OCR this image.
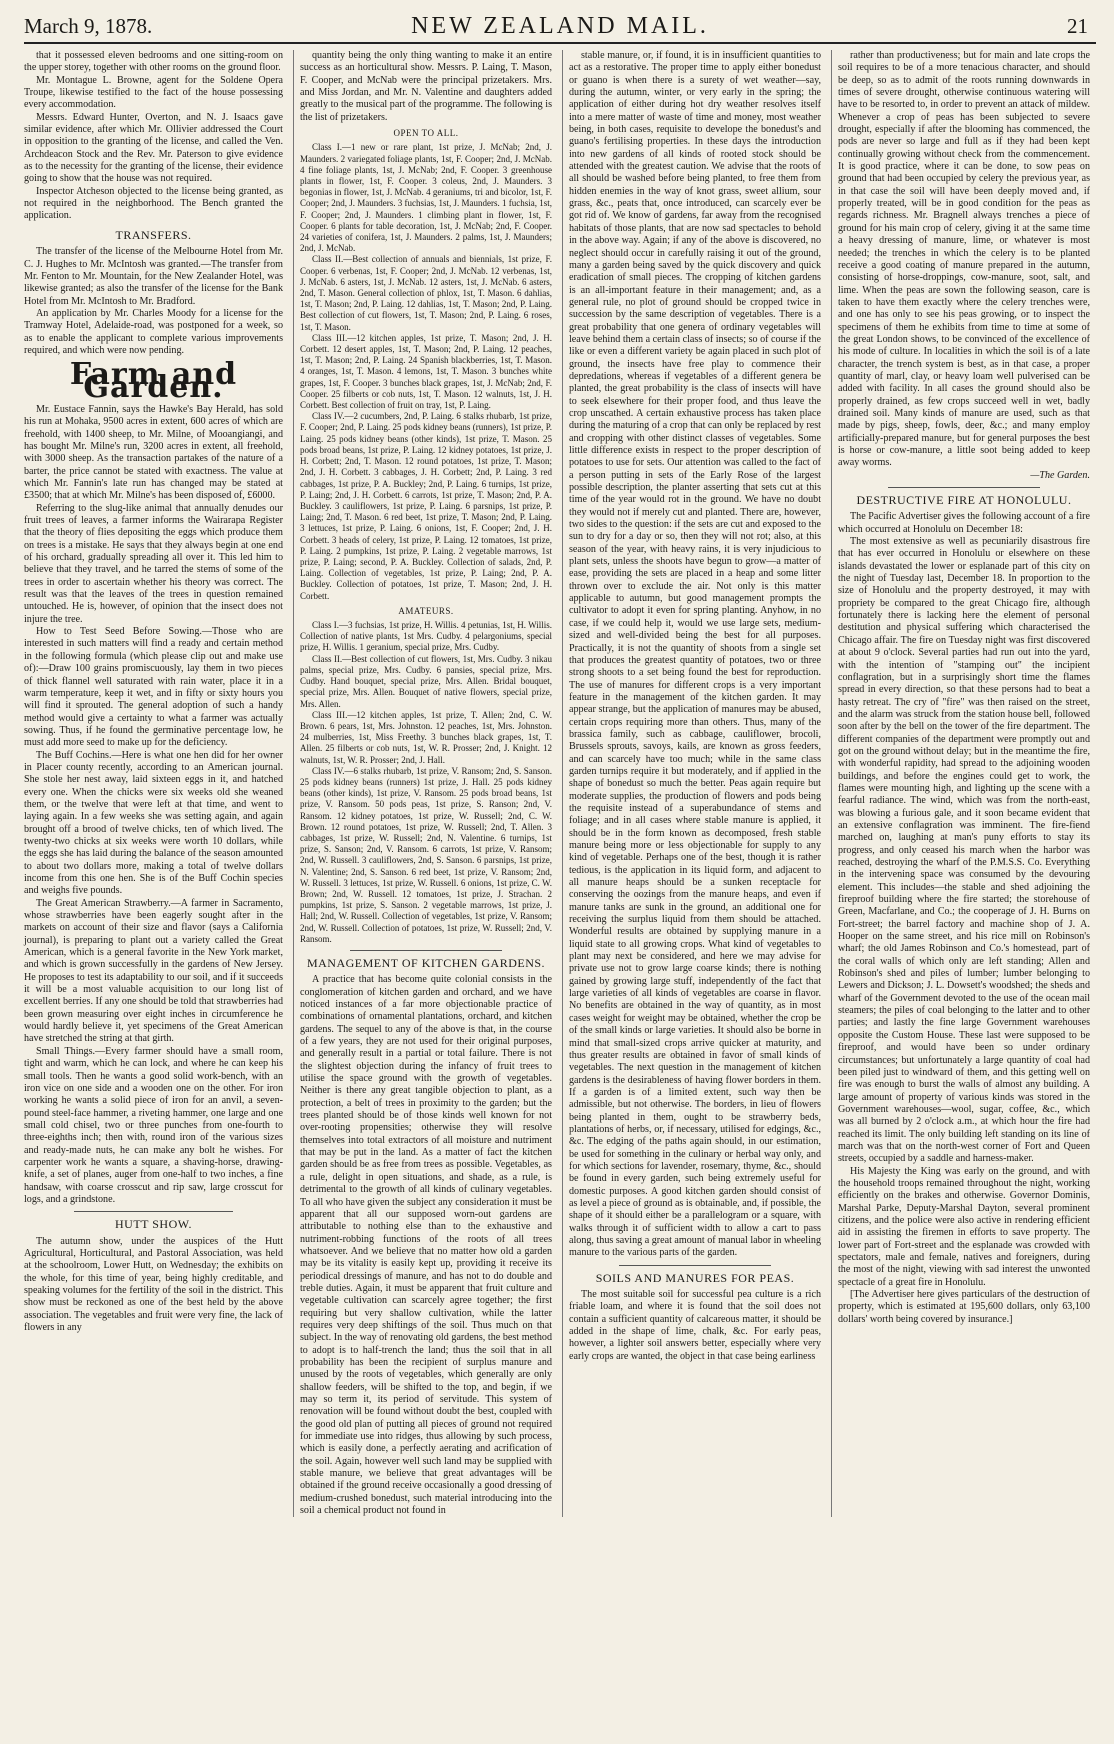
March 9, 1878.	NEW ZEALAND MAIL.	21

that it possessed eleven bedrooms and one sitting-room on the upper storey, together with other rooms on the ground floor.

Mr. Montague L. Browne, agent for the Soldene Opera Troupe, likewise testified to the fact of the house possessing every accommodation.

Messrs. Edward Hunter, Overton, and N. J. Isaacs gave similar evidence, after which Mr. Ollivier addressed the Court in opposition to the granting of the license, and called the Ven. Archdeacon Stock and the Rev. Mr. Paterson to give evidence as to the necessity for the granting of the license, their evidence going to show that the house was not required.

Inspector Atcheson objected to the license being granted, as not required in the neighborhood. The Bench granted the application.

TRANSFERS.

The transfer of the license of the Melbourne Hotel from Mr. C. J. Hughes to Mr. McIntosh was granted.—The transfer from Mr. Fenton to Mr. Mountain, for the New Zealander Hotel, was likewise granted; as also the transfer of the license for the Bank Hotel from Mr. McIntosh to Mr. Bradford.

An application by Mr. Charles Moody for a license for the Tramway Hotel, Adelaide-road, was postponed for a week, so as to enable the applicant to complete various improvements required, and which were now pending.

Farm and Garden.

Mr. Eustace Fannin, says the Hawke's Bay Herald, has sold his run at Mohaka, 9500 acres in extent, 600 acres of which are freehold, with 1400 sheep, to Mr. Milne, of Mooangiangi, and has bought Mr. Milne's run, 3200 acres in extent, all freehold, with 3000 sheep. As the transaction partakes of the nature of a barter, the price cannot be stated with exactness. The value at which Mr. Fannin's late run has changed may be stated at £3500; that at which Mr. Milne's has been disposed of, £6000.

Referring to the slug-like animal that annually denudes our fruit trees of leaves, a farmer informs the Wairarapa Register that the theory of flies depositing the eggs which produce them on trees is a mistake. He says that they always begin at one end of his orchard, gradually spreading all over it. This led him to believe that they travel, and he tarred the stems of some of the trees in order to ascertain whether his theory was correct. The result was that the leaves of the trees in question remained untouched. He is, however, of opinion that the insect does not injure the tree.

How to Test Seed Before Sowing.—Those who are interested in such matters will find a ready and certain method in the following formula (which please clip out and make use of):—Draw 100 grains promiscuously, lay them in two pieces of thick flannel well saturated with rain water, place it in a warm temperature, keep it wet, and in fifty or sixty hours you will find it sprouted. The general adoption of such a handy method would give a certainty to what a farmer was actually sowing. Thus, if he found the germinative percentage low, he must add more seed to make up for the deficiency.

The Buff Cochins.—Here is what one hen did for her owner in Placer county recently, according to an American journal. She stole her nest away, laid sixteen eggs in it, and hatched every one. When the chicks were six weeks old she weaned them, or the twelve that were left at that time, and went to laying again. In a few weeks she was setting again, and again brought off a brood of twelve chicks, ten of which lived. The twenty-two chicks at six weeks were worth 10 dollars, while the eggs she has laid during the balance of the season amounted to about two dollars more, making a total of twelve dollars income from this one hen. She is of the Buff Cochin species and weighs five pounds.

The Great American Strawberry.—A farmer in Sacramento, whose strawberries have been eagerly sought after in the markets on account of their size and flavor (says a California journal), is preparing to plant out a variety called the Great American, which is a general favorite in the New York market, and which is grown successfully in the gardens of New Jersey. He proposes to test its adaptability to our soil, and if it succeeds it will be a most valuable acquisition to our long list of excellent berries. If any one should be told that strawberries had been grown measuring over eight inches in circumference he would hardly believe it, yet specimens of the Great American have stretched the string at that girth.

Small Things.—Every farmer should have a small room, tight and warm, which he can lock, and where he can keep his small tools. Then he wants a good solid work-bench, with an iron vice on one side and a wooden one on the other. For iron working he wants a solid piece of iron for an anvil, a seven-pound steel-face hammer, a riveting hammer, one large and one small cold chisel, two or three punches from one-fourth to three-eighths inch; then with, round iron of the various sizes and ready-made nuts, he can make any bolt he wishes. For carpenter work he wants a square, a shaving-horse, drawing-knife, a set of planes, auger from one-half to two inches, a fine handsaw, with coarse crosscut and rip saw, large crosscut for logs, and a grindstone.

HUTT SHOW.

The autumn show, under the auspices of the Hutt Agricultural, Horticultural, and Pastoral Association, was held at the schoolroom, Lower Hutt, on Wednesday; the exhibits on the whole, for this time of year, being highly creditable, and speaking volumes for the fertility of the soil in the district. This show must be reckoned as one of the best held by the above association. The vegetables and fruit were very fine, the lack of flowers in any

quantity being the only thing wanting to make it an entire success as an horticultural show. Messrs. P. Laing, T. Mason, F. Cooper, and McNab were the principal prizetakers. Mrs. and Miss Jordan, and Mr. N. Valentine and daughters added greatly to the musical part of the programme. The following is the list of prizetakers.

OPEN TO ALL.

Class I.—1 new or rare plant, 1st prize, J. McNab; 2nd, J. Maunders. 2 variegated foliage plants, 1st, F. Cooper; 2nd, J. McNab. 4 fine foliage plants, 1st, J. McNab; 2nd, F. Cooper. 3 greenhouse plants in flower, 1st, F. Cooper. 3 coleus, 2nd, J. Maunders. 3 begonias in flower, 1st, J. McNab. 4 geraniums, tri and bicolor, 1st, F. Cooper; 2nd, J. Maunders. 3 fuchsias, 1st, J. Maunders. 1 fuchsia, 1st, F. Cooper; 2nd, J. Maunders. 1 climbing plant in flower, 1st, F. Cooper. 6 plants for table decoration, 1st, J. McNab; 2nd, F. Cooper. 24 varieties of conifera, 1st, J. Maunders. 2 palms, 1st, J. Maunders; 2nd, J. McNab.

Class II.—Best collection of annuals and biennials, 1st prize, F. Cooper. 6 verbenas, 1st, F. Cooper; 2nd, J. McNab. 12 verbenas, 1st, J. McNab. 6 asters, 1st, J. McNab. 12 asters, 1st, J. McNab. 6 asters, 2nd, T. Mason. General collection of phlox, 1st, T. Mason. 6 dahlias, 1st, T. Mason; 2nd, P. Laing. 12 dahlias, 1st, T. Mason; 2nd, P. Laing. Best collection of cut flowers, 1st, T. Mason; 2nd, P. Laing. 6 roses, 1st, T. Mason.

Class III.—12 kitchen apples, 1st prize, T. Mason; 2nd, J. H. Corbett. 12 desert apples, 1st, T. Mason; 2nd, P. Laing. 12 peaches, 1st, T. Mason; 2nd, P. Laing. 24 Spanish blackberries, 1st, T. Mason. 4 oranges, 1st, T. Mason. 4 lemons, 1st, T. Mason. 3 bunches white grapes, 1st, F. Cooper. 3 bunches black grapes, 1st, J. McNab; 2nd, F. Cooper. 25 filberts or cob nuts, 1st, T. Mason. 12 walnuts, 1st, J. H. Corbett. Best collection of fruit on tray, 1st, P. Laing.

Class IV.—2 cucumbers, 2nd, P. Laing. 6 stalks rhubarb, 1st prize, F. Cooper; 2nd, P. Laing. 25 pods kidney beans (runners), 1st prize, P. Laing. 25 pods kidney beans (other kinds), 1st prize, T. Mason. 25 pods broad beans, 1st prize, P. Laing. 12 kidney potatoes, 1st prize, J. H. Corbett; 2nd, T. Mason. 12 round potatoes, 1st prize, T. Mason; 2nd, J. H. Corbett. 3 cabbages, J. H. Corbett; 2nd, P. Laing. 3 red cabbages, 1st prize, P. A. Buckley; 2nd, P. Laing. 6 turnips, 1st prize, P. Laing; 2nd, J. H. Corbett. 6 carrots, 1st prize, T. Mason; 2nd, P. A. Buckley. 3 cauliflowers, 1st prize, P. Laing. 6 parsnips, 1st prize, P. Laing; 2nd, T. Mason. 6 red beet, 1st prize, T. Mason; 2nd, P. Laing. 3 lettuces, 1st prize, P. Laing. 6 onions, 1st, F. Cooper; 2nd, J. H. Corbett. 3 heads of celery, 1st prize, P. Laing. 12 tomatoes, 1st prize, P. Laing. 2 pumpkins, 1st prize, P. Laing. 2 vegetable marrows, 1st prize, P. Laing; second, P. A. Buckley. Collection of salads, 2nd, P. Laing. Collection of vegetables, 1st prize, P. Laing; 2nd, P. A. Buckley. Collection of potatoes, 1st prize, T. Mason; 2nd, J. H. Corbett.

AMATEURS.

Class I.—3 fuchsias, 1st prize, H. Willis. 4 petunias, 1st, H. Willis. Collection of native plants, 1st Mrs. Cudby. 4 pelargoniums, special prize, H. Willis. 1 geranium, special prize, Mrs. Cudby.

Class II.—Best collection of cut flowers, 1st, Mrs. Cudby. 3 nikau palms, special prize, Mrs. Cudby. 6 pansies, special prize, Mrs. Cudby. Hand bouquet, special prize, Mrs. Allen. Bridal bouquet, special prize, Mrs. Allen. Bouquet of native flowers, special prize, Mrs. Allen.

Class III.—12 kitchen apples, 1st prize, T. Allen; 2nd, C. W. Brown. 6 pears, 1st, Mrs. Johnston. 12 peaches, 1st, Mrs. Johnston. 24 mulberries, 1st, Miss Freethy. 3 bunches black grapes, 1st, T. Allen. 25 filberts or cob nuts, 1st, W. R. Prosser; 2nd, J. Knight. 12 walnuts, 1st, W. R. Prosser; 2nd, J. Hall.

Class IV.—6 stalks rhubarb, 1st prize, V. Ransom; 2nd, S. Sanson. 25 pods kidney beans (runners) 1st prize, J. Hall. 25 pods kidney beans (other kinds), 1st prize, V. Ransom. 25 pods broad beans, 1st prize, V. Ransom. 50 pods peas, 1st prize, S. Ranson; 2nd, V. Ransom. 12 kidney potatoes, 1st prize, W. Russell; 2nd, C. W. Brown. 12 round potatoes, 1st prize, W. Russell; 2nd, T. Allen. 3 cabbages, 1st prize, W. Russell; 2nd, N. Valentine. 6 turnips, 1st prize, S. Sanson; 2nd, V. Ransom. 6 carrots, 1st prize, V. Ransom; 2nd, W. Russell. 3 cauliflowers, 2nd, S. Sanson. 6 parsnips, 1st prize, N. Valentine; 2nd, S. Sanson. 6 red beet, 1st prize, V. Ransom; 2nd, W. Russell. 3 lettuces, 1st prize, W. Russell. 6 onions, 1st prize, C. W. Brown; 2nd, W. Russell. 12 tomatoes, 1st prize, J. Strachan. 2 pumpkins, 1st prize, S. Sanson. 2 vegetable marrows, 1st prize, J. Hall; 2nd, W. Russell. Collection of vegetables, 1st prize, V. Ransom; 2nd, W. Russell. Collection of potatoes, 1st prize, W. Russell; 2nd, V. Ransom.

MANAGEMENT OF KITCHEN GARDENS.

A practice that has become quite colonial consists in the conglomeration of kitchen garden and orchard, and we have noticed instances of a far more objectionable practice of combinations of ornamental plantations, orchard, and kitchen gardens. The sequel to any of the above is that, in the course of a few years, they are not used for their original purposes, and generally result in a partial or total failure. There is not the slightest objection during the infancy of fruit trees to utilise the space ground with the growth of vegetables. Neither is there any great tangible objection to plant, as a protection, a belt of trees in proximity to the garden; but the trees planted should be of those kinds well known for not over-rooting propensities; otherwise they will resolve themselves into total extractors of all moisture and nutriment that may be put in the land. As a matter of fact the kitchen garden should be as free from trees as possible. Vegetables, as a rule, delight in open situations, and shade, as a rule, is detrimental to the growth of all kinds of culinary vegetables. To all who have given the subject any consideration it must be apparent that all our supposed worn-out gardens are attributable to nothing else than to the exhaustive and nutriment-robbing functions of the roots of all trees whatsoever. And we believe that no matter how old a garden may be its vitality is easily kept up, providing it receive its periodical dressings of manure, and has not to do double and treble duties. Again, it must be apparent that fruit culture and vegetable cultivation can scarcely agree together; the first requiring but very shallow cultivation, while the latter requires very deep shiftings of the soil. Thus much on that subject. In the way of renovating old gardens, the best method to adopt is to half-trench the land; thus the soil that in all probability has been the recipient of surplus manure and unused by the roots of vegetables, which generally are only shallow feeders, will be shifted to the top, and begin, if we may so term it, its period of servitude. This system of renovation will be found without doubt the best, coupled with the good old plan of putting all pieces of ground not required for immediate use into ridges, thus allowing by such process, which is easily done, a perfectly aerating and acrification of the soil. Again, however well such land may be supplied with stable manure, we believe that great advantages will be obtained if the ground receive occasionally a good dressing of medium-crushed bonedust, such material introducing into the soil a chemical product not found in

stable manure, or, if found, it is in insufficient quantities to act as a restorative. The proper time to apply either bonedust or guano is when there is a surety of wet weather—say, during the autumn, winter, or very early in the spring; the application of either during hot dry weather resolves itself into a mere matter of waste of time and money, most weather being, in both cases, requisite to develope the bonedust's and guano's fertilising properties. In these days the introduction into new gardens of all kinds of rooted stock should be attended with the greatest caution. We advise that the roots of all should be washed before being planted, to free them from hidden enemies in the way of knot grass, sweet allium, sour grass, &c., peats that, once introduced, can scarcely ever be got rid of. We know of gardens, far away from the recognised habitats of those plants, that are now sad spectacles to behold in the above way. Again; if any of the above is discovered, no neglect should occur in carefully raising it out of the ground, many a garden being saved by the quick discovery and quick eradication of small pieces. The cropping of kitchen gardens is an all-important feature in their management; and, as a general rule, no plot of ground should be cropped twice in succession by the same description of vegetables. There is a great probability that one genera of ordinary vegetables will leave behind them a certain class of insects; so of course if the like or even a different variety be again placed in such plot of ground, the insects have free play to commence their depredations, whereas if vegetables of a different genera be planted, the great probability is the class of insects will have to seek elsewhere for their proper food, and thus leave the crop unscathed. A certain exhaustive process has taken place during the maturing of a crop that can only be replaced by rest and cropping with other distinct classes of vegetables. Some little difference exists in respect to the proper description of potatoes to use for sets. Our attention was called to the fact of a person putting in sets of the Early Rose of the largest possible description, the planter asserting that sets cut at this time of the year would rot in the ground. We have no doubt they would not if merely cut and planted. There are, however, two sides to the question: if the sets are cut and exposed to the sun to dry for a day or so, then they will not rot; also, at this season of the year, with heavy rains, it is very injudicious to plant sets, unless the shoots have begun to grow—a matter of ease, providing the sets are placed in a heap and some litter thrown over to exclude the air. Not only is this matter applicable to autumn, but good management prompts the cultivator to adopt it even for spring planting. Anyhow, in no case, if we could help it, would we use large sets, medium-sized and well-divided being the best for all purposes. Practically, it is not the quantity of shoots from a single set that produces the greatest quantity of potatoes, two or three strong shoots to a set being found the best for reproduction. The use of manures for different crops is a very important feature in the management of the kitchen garden. It may appear strange, but the application of manures may be abused, certain crops requiring more than others. Thus, many of the brassica family, such as cabbage, cauliflower, brocoli, Brussels sprouts, savoys, kails, are known as gross feeders, and can scarcely have too much; while in the same class garden turnips require it but moderately, and if applied in the shape of bonedust so much the better. Peas again require but moderate supplies, the production of flowers and pods being the requisite instead of a superabundance of stems and foliage; and in all cases where stable manure is applied, it should be in the form known as decomposed, fresh stable manure being more or less objectionable for supply to any kind of vegetable. Perhaps one of the best, though it is rather tedious, is the application in its liquid form, and adjacent to all manure heaps should be a sunken receptacle for conserving the oozings from the manure heaps, and even if manure tanks are sunk in the ground, an additional one for receiving the surplus liquid from them should be attached. Wonderful results are obtained by supplying manure in a liquid state to all growing crops. What kind of vegetables to plant may next be considered, and here we may advise for private use not to grow large coarse kinds; there is nothing gained by growing large stuff, independently of the fact that large varieties of all kinds of vegetables are coarse in flavor. No benefits are obtained in the way of quantity, as in most cases weight for weight may be obtained, whether the crop be of the small kinds or large varieties. It should also be borne in mind that small-sized crops arrive quicker at maturity, and thus greater results are obtained in favor of small kinds of vegetables. The next question in the management of kitchen gardens is the desirableness of having flower borders in them. If a garden is of a limited extent, such way then be admissible, but not otherwise. The borders, in lieu of flowers being planted in them, ought to be strawberry beds, plantations of herbs, or, if necessary, utilised for edgings, &c., &c. The edging of the paths again should, in our estimation, be used for something in the culinary or herbal way only, and for which sections for lavender, rosemary, thyme, &c., should be found in every garden, such being extremely useful for domestic purposes. A good kitchen garden should consist of as level a piece of ground as is obtainable, and, if possible, the shape of it should either be a parallelogram or a square, with walks through it of sufficient width to allow a cart to pass along, thus saving a great amount of manual labor in wheeling manure to the various parts of the garden.

SOILS AND MANURES FOR PEAS.

The most suitable soil for successful pea culture is a rich friable loam, and where it is found that the soil does not contain a sufficient quantity of calcareous matter, it should be added in the shape of lime, chalk, &c. For early peas, however, a lighter soil answers better, especially where very early crops are wanted, the object in that case being earliness

rather than productiveness; but for main and late crops the soil requires to be of a more tenacious character, and should be deep, so as to admit of the roots running downwards in times of severe drought, otherwise continuous watering will have to be resorted to, in order to prevent an attack of mildew. Whenever a crop of peas has been subjected to severe drought, especially if after the blooming has commenced, the pods are never so large and full as if they had been kept continually growing without check from the commencement. It is good practice, where it can be done, to sow peas on ground that had been occupied by celery the previous year, as in that case the soil will have been deeply moved and, if properly treated, will be in good condition for the peas as regards richness. Mr. Bragnell always trenches a piece of ground for his main crop of celery, giving it at the same time a heavy dressing of manure, lime, or whatever is most needed; the trenches in which the celery is to be planted receive a good coating of manure prepared in the autumn, consisting of horse-droppings, cow-manure, soot, salt, and lime. When the peas are sown the following season, care is taken to have them exactly where the celery trenches were, and one has only to see his peas growing, or to inspect the specimens of them he exhibits from time to time at some of the great London shows, to be convinced of the excellence of his mode of culture. In localities in which the soil is of a late character, the trench system is best, as in that case, a proper quantity of marl, clay, or heavy loam well pulverised can be added with facility. In all cases the ground should also be properly drained, as few crops succeed well in wet, badly drained soil. Many kinds of manure are used, such as that made by pigs, sheep, fowls, deer, &c.; and many employ artificially-prepared manure, but for general purposes the best is horse or cow-manure, a little soot being added to keep away worms.

—The Garden.
DESTRUCTIVE FIRE AT HONOLULU.

The Pacific Advertiser gives the following account of a fire which occurred at Honolulu on December 18:

The most extensive as well as pecuniarily disastrous fire that has ever occurred in Honolulu or elsewhere on these islands devastated the lower or esplanade part of this city on the night of Tuesday last, December 18. In proportion to the size of Honolulu and the property destroyed, it may with propriety be compared to the great Chicago fire, although fortunately there is lacking here the element of personal destitution and physical suffering which characterised the Chicago affair. The fire on Tuesday night was first discovered at about 9 o'clock. Several parties had run out into the yard, with the intention of "stamping out" the incipient conflagration, but in a surprisingly short time the flames spread in every direction, so that these persons had to beat a hasty retreat. The cry of "fire" was then raised on the street, and the alarm was struck from the station house bell, followed soon after by the bell on the tower of the fire department. The different companies of the department were promptly out and got on the ground without delay; but in the meantime the fire, with wonderful rapidity, had spread to the adjoining wooden buildings, and before the engines could get to work, the flames were mounting high, and lighting up the scene with a fearful radiance. The wind, which was from the north-east, was blowing a furious gale, and it soon became evident that an extensive conflagration was imminent. The fire-fiend marched on, laughing at man's puny efforts to stay its progress, and only ceased his march when the harbor was reached, destroying the wharf of the P.M.S.S. Co. Everything in the intervening space was consumed by the devouring element. This includes—the stable and shed adjoining the fireproof building where the fire started; the storehouse of Green, Macfarlane, and Co.; the cooperage of J. H. Burns on Fort-street; the barrel factory and machine shop of J. A. Hooper on the same street, and his rice mill on Robinson's wharf; the old James Robinson and Co.'s homestead, part of the coral walls of which only are left standing; Allen and Robinson's shed and piles of lumber; lumber belonging to Lewers and Dickson; J. L. Dowsett's woodshed; the sheds and wharf of the Government devoted to the use of the ocean mail steamers; the piles of coal belonging to the latter and to other parties; and lastly the fine large Government warehouses opposite the Custom House. These last were supposed to be fireproof, and would have been so under ordinary circumstances; but unfortunately a large quantity of coal had been piled just to windward of them, and this getting well on fire was enough to burst the walls of almost any building. A large amount of property of various kinds was stored in the Government warehouses—wool, sugar, coffee, &c., which was all burned by 2 o'clock a.m., at which hour the fire had reached its limit. The only building left standing on its line of march was that on the north-west corner of Fort and Queen streets, occupied by a saddle and harness-maker.

His Majesty the King was early on the ground, and with the household troops remained throughout the night, working efficiently on the brakes and otherwise. Governor Dominis, Marshal Parke, Deputy-Marshal Dayton, several prominent citizens, and the police were also active in rendering efficient aid in assisting the firemen in efforts to save property. The lower part of Fort-street and the esplanade was crowded with spectators, male and female, natives and foreigners, during the most of the night, viewing with sad interest the unwonted spectacle of a great fire in Honolulu.

[The Advertiser here gives particulars of the destruction of property, which is estimated at 195,600 dollars, only 63,100 dollars' worth being covered by insurance.]
